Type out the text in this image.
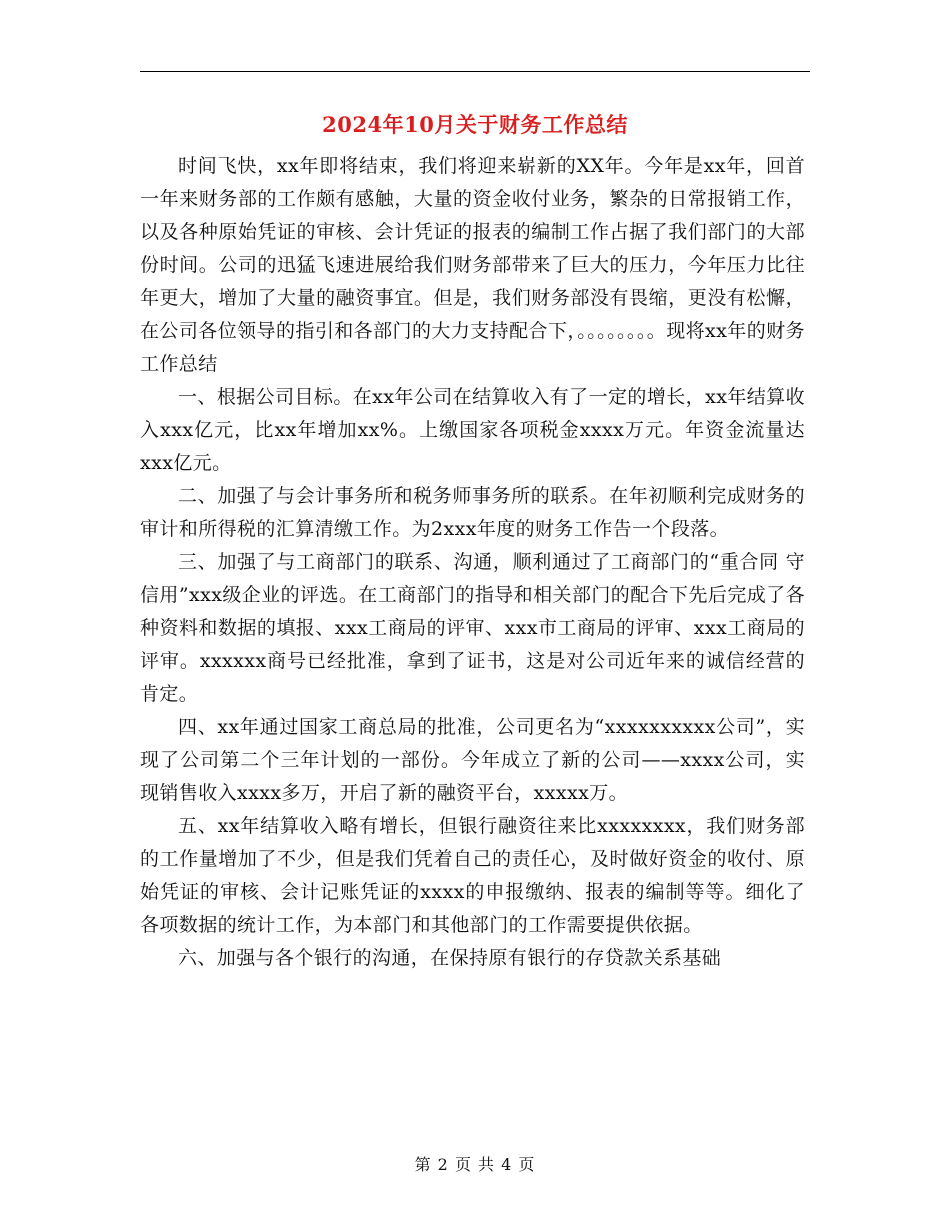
2024年10月关于财务工作总结

时间飞快，xx年即将结束，我们将迎来崭新的XX年。今年是xx年，回首一年来财务部的工作颇有感触，大量的资金收付业务，繁杂的日常报销工作，以及各种原始凭证的审核、会计凭证的报表的编制工作占据了我们部门的大部份时间。公司的迅猛飞速进展给我们财务部带来了巨大的压力，今年压力比往年更大，增加了大量的融资事宜。但是，我们财务部没有畏缩，更没有松懈，在公司各位领导的指引和各部门的大力支持配合下，。。。。。。。。现将xx年的财务工作总结

一、根据公司目标。在xx年公司在结算收入有了一定的增长，xx年结算收入xxx亿元，比xx年增加xx%。上缴国家各项税金xxxx万元。年资金流量达xxx亿元。

二、加强了与会计事务所和税务师事务所的联系。在年初顺利完成财务的审计和所得税的汇算清缴工作。为2xxx年度的财务工作告一个段落。

三、加强了与工商部门的联系、沟通，顺利通过了工商部门的“重合同 守信用”xxx级企业的评选。在工商部门的指导和相关部门的配合下先后完成了各种资料和数据的填报、xxx工商局的评审、xxx市工商局的评审、xxx工商局的评审。xxxxxx商号已经批准，拿到了证书，这是对公司近年来的诚信经营的肯定。

四、xx年通过国家工商总局的批准，公司更名为“xxxxxxxxxx公司”，实现了公司第二个三年计划的一部份。今年成立了新的公司——xxxx公司，实现销售收入xxxx多万，开启了新的融资平台，xxxxx万。

五、xx年结算收入略有增长，但银行融资往来比xxxxxxxx，我们财务部的工作量增加了不少，但是我们凭着自己的责任心，及时做好资金的收付、原始凭证的审核、会计记账凭证的xxxx的申报缴纳、报表的编制等等。细化了各项数据的统计工作，为本部门和其他部门的工作需要提供依据。

六、加强与各个银行的沟通，在保持原有银行的存贷款关系基础

第 2 页 共 4 页
